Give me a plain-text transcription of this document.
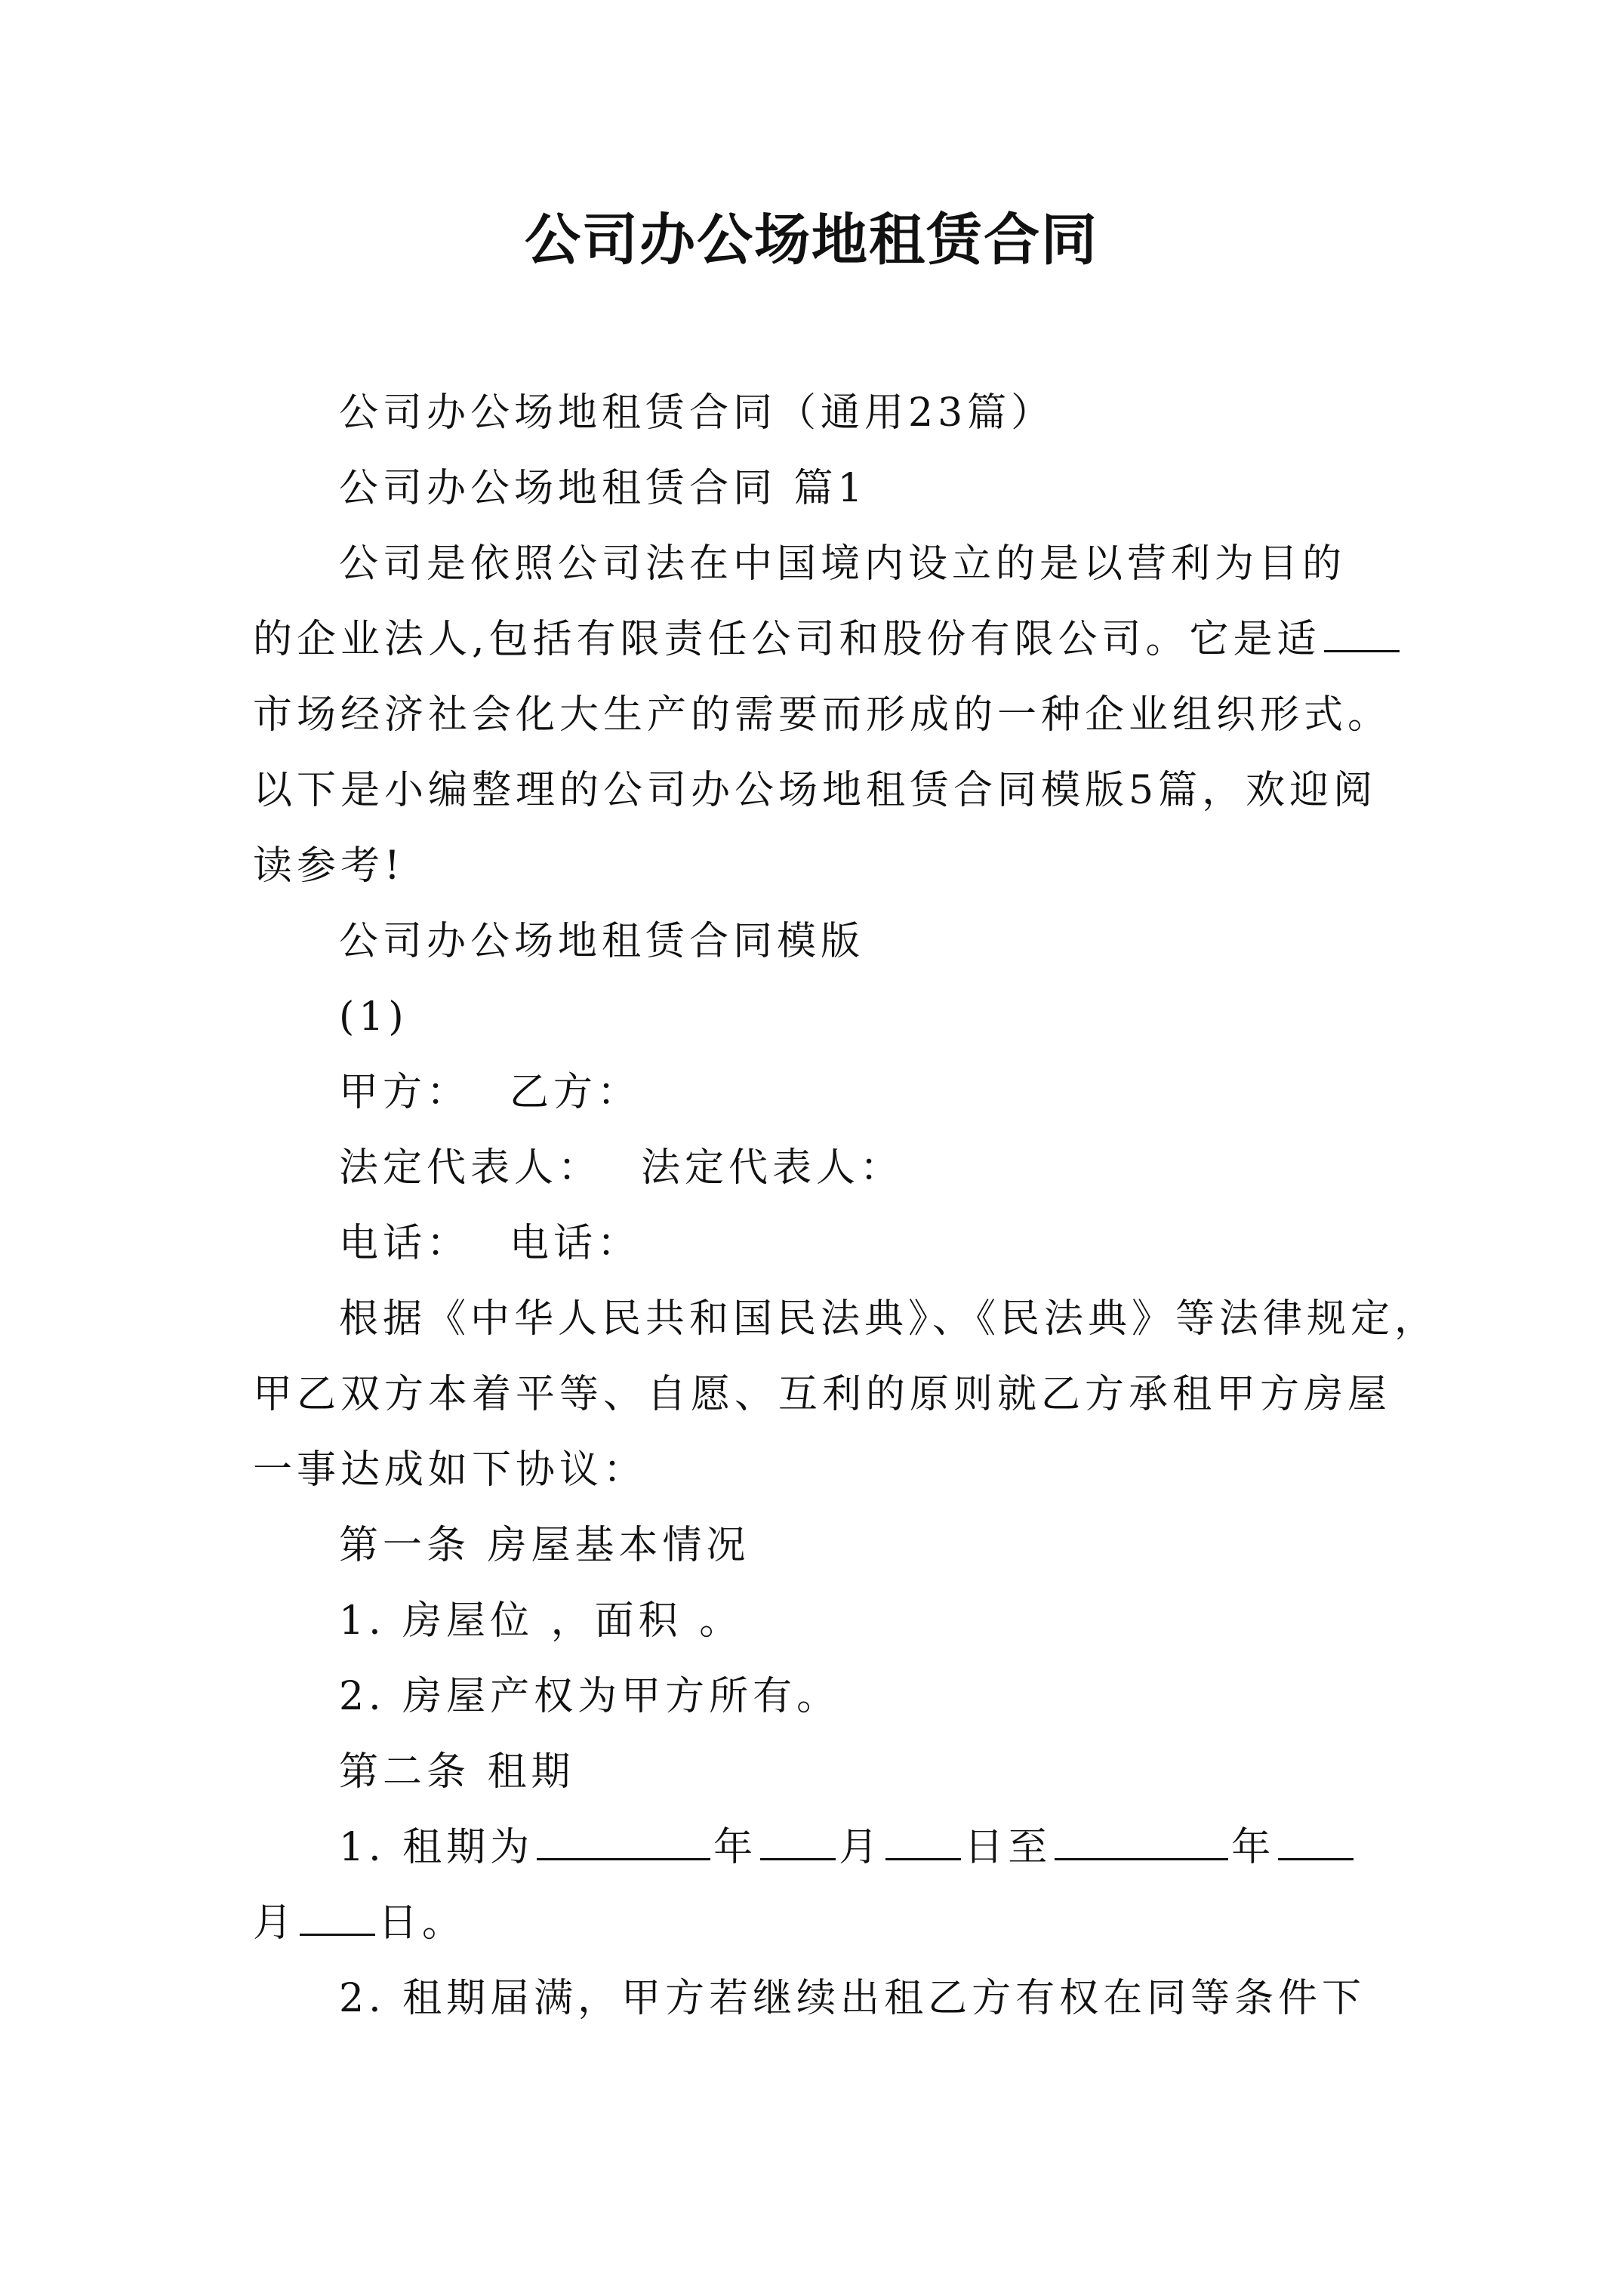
公司办公场地租赁合同

公司办公场地租赁合同（通用23篇）

公司办公场地租赁合同 篇1

公司是依照公司法在中国境内设立的是以营利为目的
的企业法人,包括有限责任公司和股份有限公司。它是适
市场经济社会化大生产的需要而形成的一种企业组织形式。
以下是小编整理的公司办公场地租赁合同模版5篇，欢迎阅
读参考!

公司办公场地租赁合同模版

(1)

甲方： 乙方：

法定代表人： 法定代表人：

电话： 电话：

根据《中华人民共和国民法典》、《民法典》等法律规定，
甲乙双方本着平等、自愿、互利的原则就乙方承租甲方房屋
一事达成如下协议：

第一条 房屋基本情况

1. 房屋位 ，面积 。

2. 房屋产权为甲方所有。

第二条 租期

1. 租期为	年 月 日至	年
月 日。

2. 租期届满，甲方若继续出租乙方有权在同等条件下
